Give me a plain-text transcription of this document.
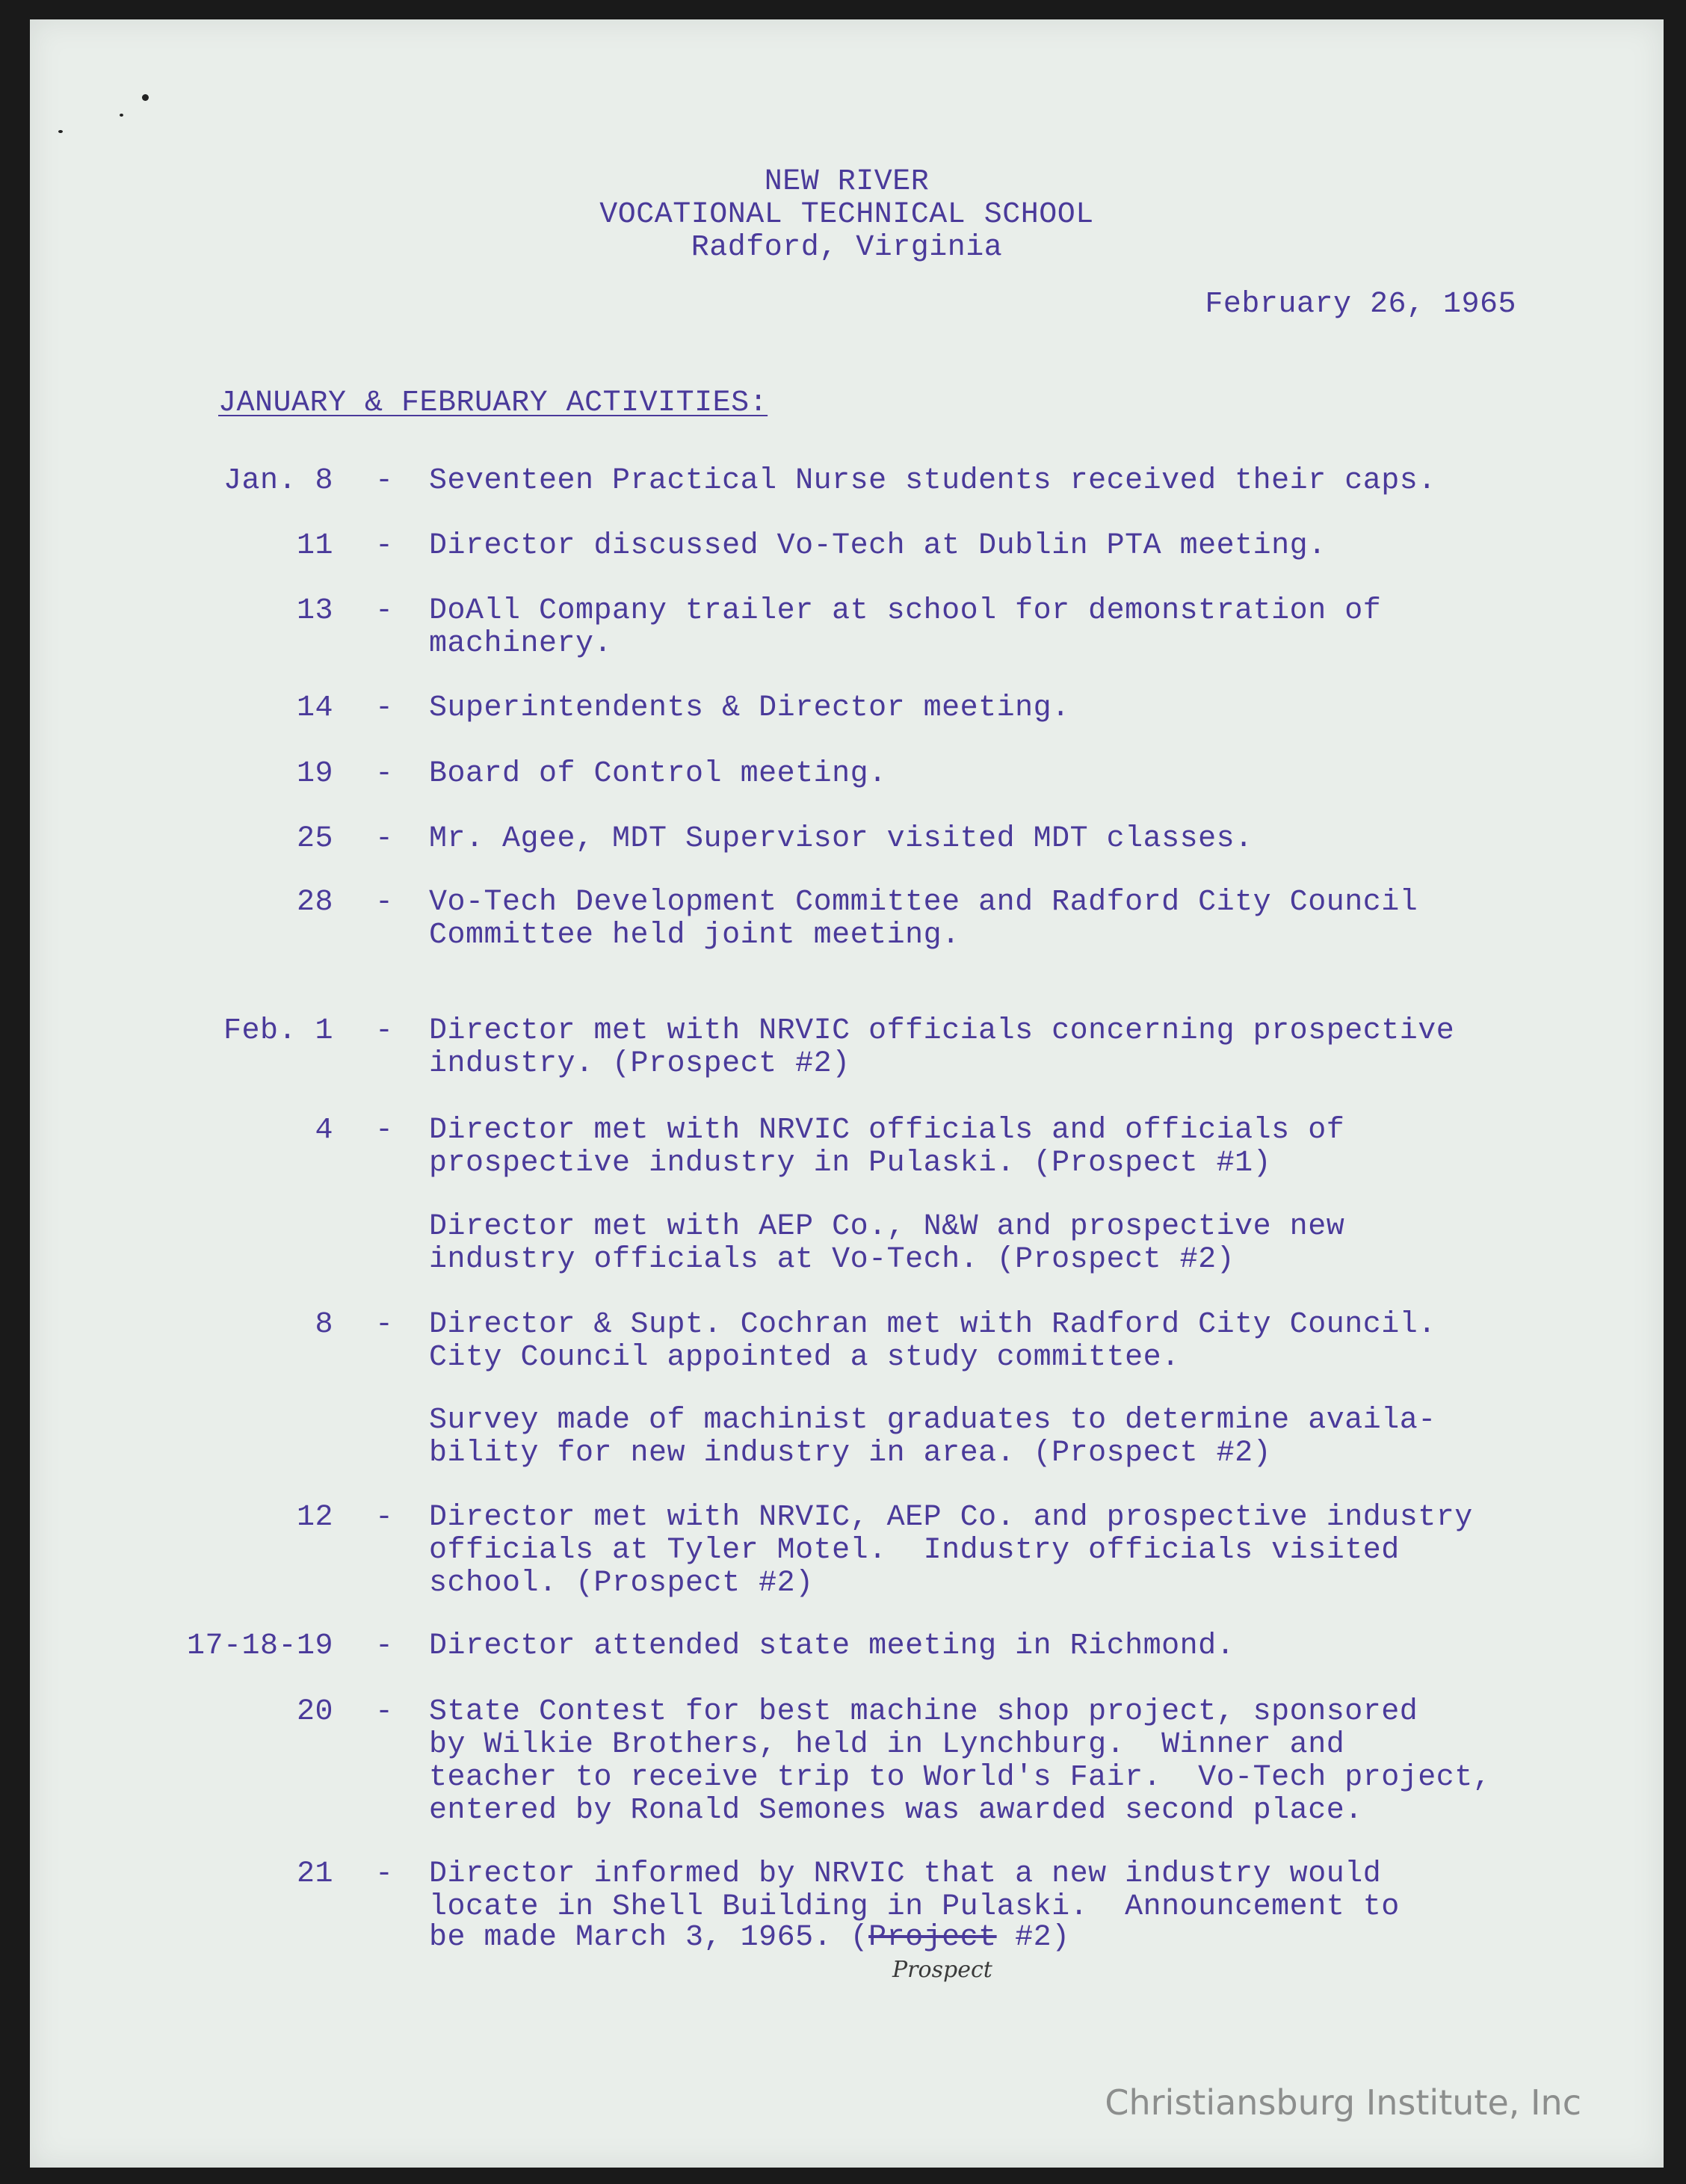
NEW RIVER
VOCATIONAL TECHNICAL SCHOOL
Radford, Virginia
February 26, 1965
JANUARY & FEBRUARY ACTIVITIES:
Jan. 8 - Seventeen Practical Nurse students received their caps.
11 - Director discussed Vo-Tech at Dublin PTA meeting.
13 - DoAll Company trailer at school for demonstration of
machinery.
14 - Superintendents & Director meeting.
19 - Board of Control meeting.
25 - Mr. Agee, MDT Supervisor visited MDT classes.
28 - Vo-Tech Development Committee and Radford City Council
Committee held joint meeting.
Feb. 1 - Director met with NRVIC officials concerning prospective
industry. (Prospect #2)
4 - Director met with NRVIC officials and officials of
prospective industry in Pulaski. (Prospect #1)
Director met with AEP Co., N&W and prospective new
industry officials at Vo-Tech. (Prospect #2)
8 - Director & Supt. Cochran met with Radford City Council.
City Council appointed a study committee.
Survey made of machinist graduates to determine availa-
bility for new industry in area. (Prospect #2)
12 - Director met with NRVIC, AEP Co. and prospective industry
officials at Tyler Motel.  Industry officials visited
school. (Prospect #2)
17-18-19 - Director attended state meeting in Richmond.
20 - State Contest for best machine shop project, sponsored
by Wilkie Brothers, held in Lynchburg.  Winner and
teacher to receive trip to World's Fair.  Vo-Tech project,
entered by Ronald Semones was awarded second place.
21 - Director informed by NRVIC that a new industry would
locate in Shell Building in Pulaski.  Announcement to
be made March 3, 1965. (Project #2)
Prospect
Christiansburg Institute, Inc
